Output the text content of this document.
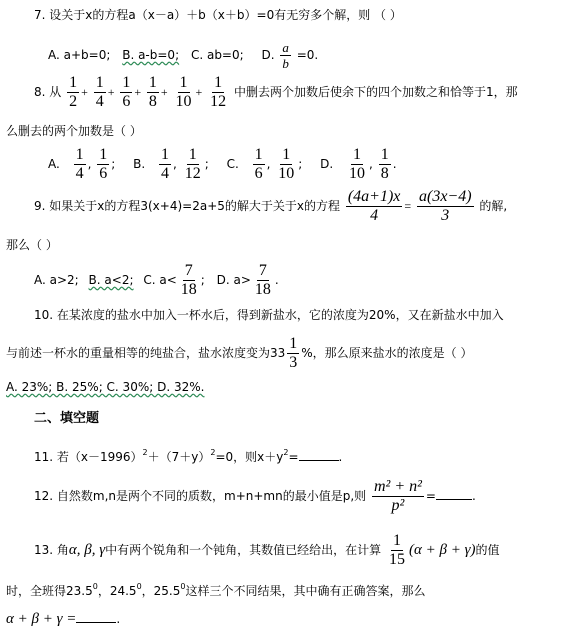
7. 设关于x的方程a（x－a）＋b（x＋b）=0有无穷多个解，则 （ ）
A. a+b=0; B. a-b=0; C. ab=0; D. $\frac{a}{b} =0$.
8. 从 $\frac{1}{2} + \frac{1}{4} + \frac{1}{6} + \frac{1}{8} + \frac{1}{10} + \frac{1}{12}$ 中删去两个加数后使余下的四个加数之和恰等于1，那
么删去的两个加数是（ ）
A. $\frac{1}{4}$ , $\frac{1}{6}$ ; B. $\frac{1}{4}$ , $\frac{1}{12}$ ; C. $\frac{1}{6}$ , $\frac{1}{10}$ ; D. $\frac{1}{10}$ , $\frac{1}{8}$ .
9. 如果关于x的方程3(x+4)=2a+5的解大于关于x的方程 $\frac{(4a+1)x}{4} = \frac{a(3x-4)}{3}$ 的解,
那么（ ）
A. a>2; B. a<2; C. $a< \frac{7}{18}$ ; D. $a> \frac{7}{18}$ .
10. 在某浓度的盐水中加入一杯水后，得到新盐水，它的浓度为20%，又在新盐水中加入
与前述一杯水的重量相等的纯盐合，盐水浓度变为$33 \frac{1}{3}$ %，那么原来盐水的浓度是（ ）
A. 23%; B. 25%; C. 30%; D. 32%.
二、填空题
11. 若$(x-1996)^2+(7+y)^2=0$，则$x+y^2=$	.
12. 自然数m,n是两个不同的质数，m+n+mn的最小值是p,则 $\frac{\text{m² + n²}}{\text{p²}}$ =	.
13. 角α, β, γ中有两个锐角和一个钝角，其数值已经给出，在计算 $\frac{1}{15} (\alpha + \beta + \gamma)$的值
时，全班得23.5$^0$，24.5$^0$，25.5$^0$这样三个不同结果，其中确有正确答案，那么
α + β + γ =	.
